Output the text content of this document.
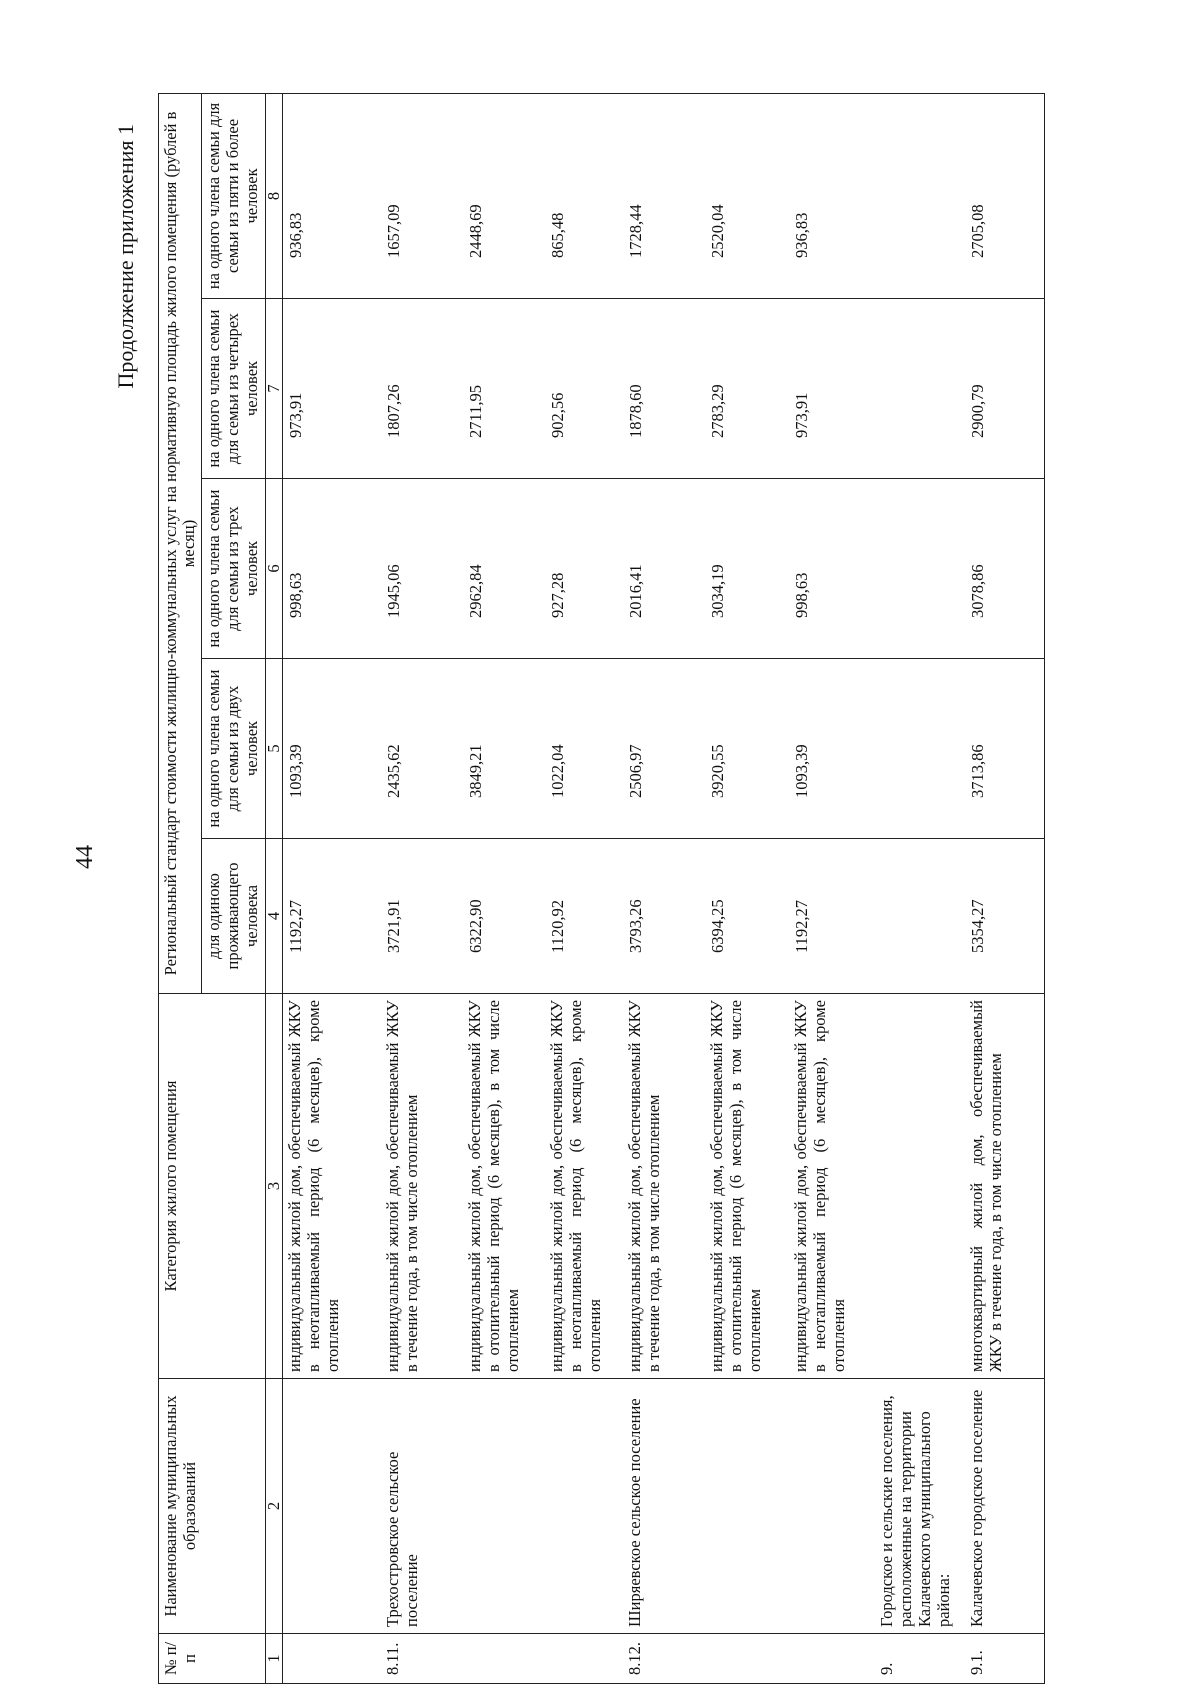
44
Продолжение приложения 1
№ п/п	Наименование муниципальных образований	Категория жилого помещения	Региональный стандарт стоимости жилищно-коммунальных услуг на нормативную площадь жилого помещения (рублей в месяц)				
			для одиноко проживающего человека	на одного члена семьи для семьи из двух человек	на одного члена семьи для семьи из трех человек	на одного члена семьи для семьи из четырех человек	на одного члена семьи для семьи из пяти и более человек
1	2	3	4	5	6	7	8
		индивидуальный жилой дом, обеспечиваемый ЖКУ в неотапливаемый период (6 месяцев), кроме отопления	1192,27	1093,39	998,63	973,91	936,83
8.11.	Трехостровское сельское поселение	индивидуальный жилой дом, обеспечиваемый ЖКУ в течение года, в том числе отоплением	3721,91	2435,62	1945,06	1807,26	1657,09
		индивидуальный жилой дом, обеспечиваемый ЖКУ в отопительный период (6 месяцев), в том числе отоплением	6322,90	3849,21	2962,84	2711,95	2448,69
		индивидуальный жилой дом, обеспечиваемый ЖКУ в неотапливаемый период (6 месяцев), кроме отопления	1120,92	1022,04	927,28	902,56	865,48
8.12.	Ширяевское сельское поселение	индивидуальный жилой дом, обеспечиваемый ЖКУ в течение года, в том числе отоплением	3793,26	2506,97	2016,41	1878,60	1728,44
		индивидуальный жилой дом, обеспечиваемый ЖКУ в отопительный период (6 месяцев), в том числе отоплением	6394,25	3920,55	3034,19	2783,29	2520,04
		индивидуальный жилой дом, обеспечиваемый ЖКУ в неотапливаемый период (6 месяцев), кроме отопления	1192,27	1093,39	998,63	973,91	936,83
9.	Городское и сельские поселения, расположенные на территории Калачевского муниципального района:						
9.1.	Калачевское городское поселение	многоквартирный жилой дом, обеспечиваемый ЖКУ в течение года, в том числе отоплением	5354,27	3713,86	3078,86	2900,79	2705,08
